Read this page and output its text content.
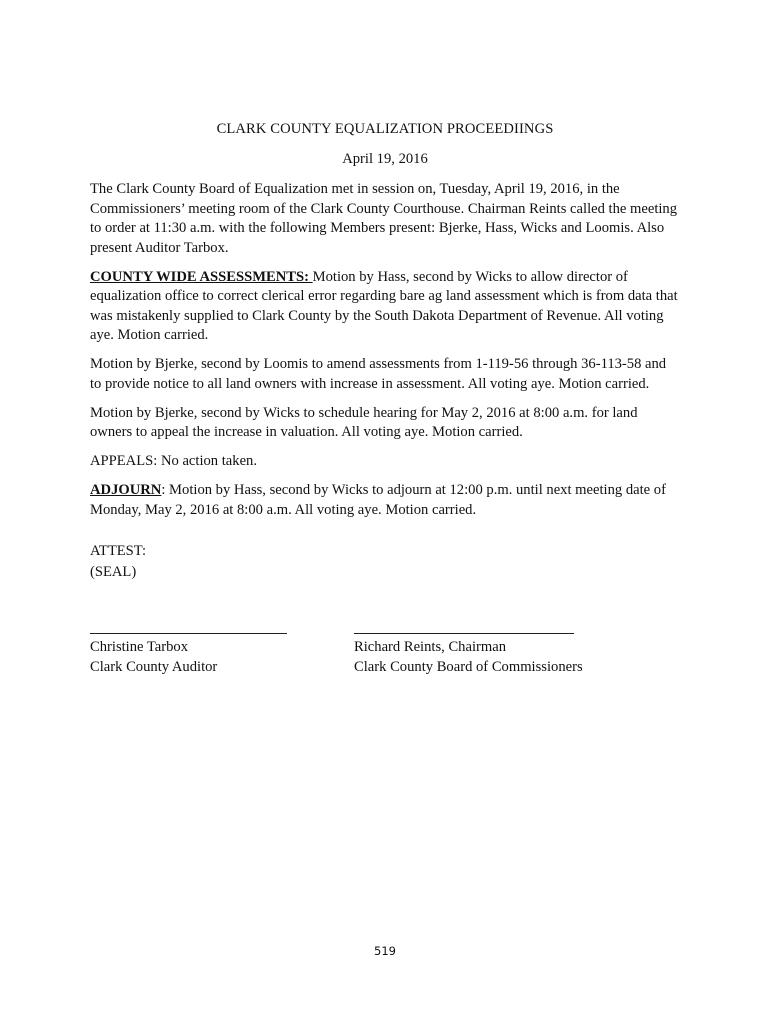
CLARK COUNTY EQUALIZATION PROCEEDIINGS
April 19, 2016

The Clark County Board of Equalization met in session on, Tuesday, April 19, 2016, in the Commissioners’ meeting room of the Clark County Courthouse. Chairman Reints called the meeting to order at 11:30 a.m. with the following Members present: Bjerke, Hass, Wicks and Loomis. Also present Auditor Tarbox.

COUNTY WIDE ASSESSMENTS: Motion by Hass, second by Wicks to allow director of equalization office to correct clerical error regarding bare ag land assessment which is from data that was mistakenly supplied to Clark County by the South Dakota Department of Revenue. All voting aye. Motion carried.

Motion by Bjerke, second by Loomis to amend assessments from 1-119-56 through 36-113-58 and to provide notice to all land owners with increase in assessment. All voting aye. Motion carried.

Motion by Bjerke, second by Wicks to schedule hearing for May 2, 2016 at 8:00 a.m. for land owners to appeal the increase in valuation. All voting aye. Motion carried.

APPEALS: No action taken.

ADJOURN: Motion by Hass, second by Wicks to adjourn at 12:00 p.m. until next meeting date of Monday, May 2, 2016 at 8:00 a.m. All voting aye. Motion carried.

ATTEST:
(SEAL)
Christine Tarbox
Clark County Auditor
Richard Reints, Chairman
Clark County Board of Commissioners
519
